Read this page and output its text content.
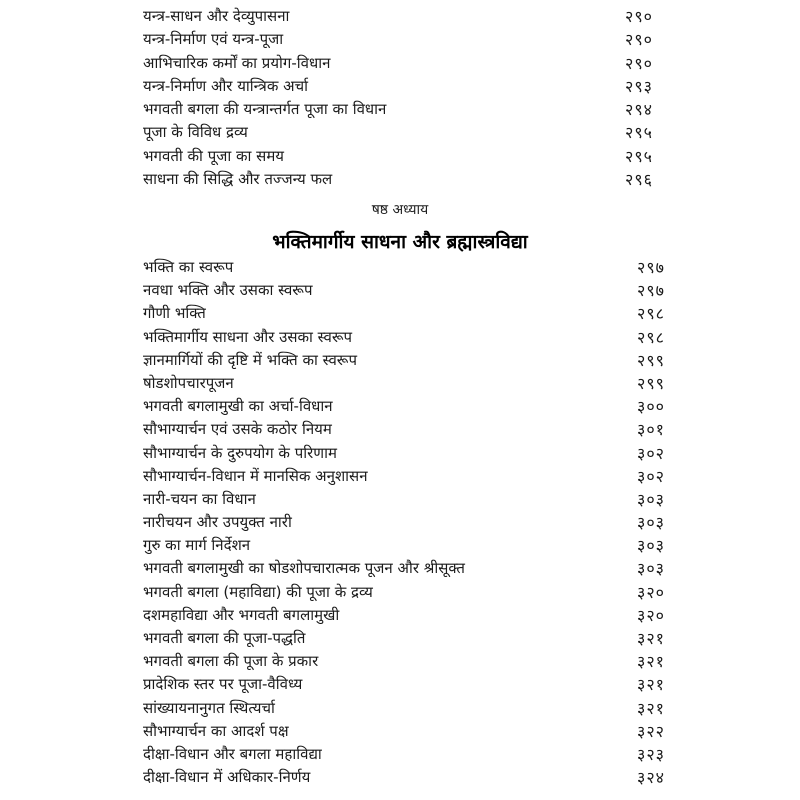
यन्त्र-साधन और देव्युपासना	२९०
यन्त्र-निर्माण एवं यन्त्र-पूजा	२९०
आभिचारिक कर्मों का प्रयोग-विधान	२९०
यन्त्र-निर्माण और यान्त्रिक अर्चा	२९३
भगवती बगला की यन्त्रान्तर्गत पूजा का विधान	२९४
पूजा के विविध द्रव्य	२९५
भगवती की पूजा का समय	२९५
साधना की सिद्धि और तज्जन्य फल	२९६
षष्ठ अध्याय
भक्तिमार्गीय साधना और ब्रह्मास्त्रविद्या
भक्ति का स्वरूप	२९७
नवधा भक्ति और उसका स्वरूप	२९७
गौणी भक्ति	२९८
भक्तिमार्गीय साधना और उसका स्वरूप	२९८
ज्ञानमार्गियों की दृष्टि में भक्ति का स्वरूप	२९९
षोडशोपचारपूजन	२९९
भगवती बगलामुखी का अर्चा-विधान	३००
सौभाग्यार्चन एवं उसके कठोर नियम	३०१
सौभाग्यार्चन के दुरुपयोग के परिणाम	३०२
सौभाग्यार्चन-विधान में मानसिक अनुशासन	३०२
नारी-चयन का विधान	३०३
नारीचयन और उपयुक्त नारी	३०३
गुरु का मार्ग निर्देशन	३०३
भगवती बगलामुखी का षोडशोपचारात्मक पूजन और श्रीसूक्त	३०३
भगवती बगला (महाविद्या) की पूजा के द्रव्य	३२०
दशमहाविद्या और भगवती बगलामुखी	३२०
भगवती बगला की पूजा-पद्धति	३२१
भगवती बगला की पूजा के प्रकार	३२१
प्रादेशिक स्तर पर पूजा-वैविध्य	३२१
सांख्यायनानुगत स्थित्यर्चा	३२१
सौभाग्यार्चन का आदर्श पक्ष	३२२
दीक्षा-विधान और बगला महाविद्या	३२३
दीक्षा-विधान में अधिकार-निर्णय	३२४
